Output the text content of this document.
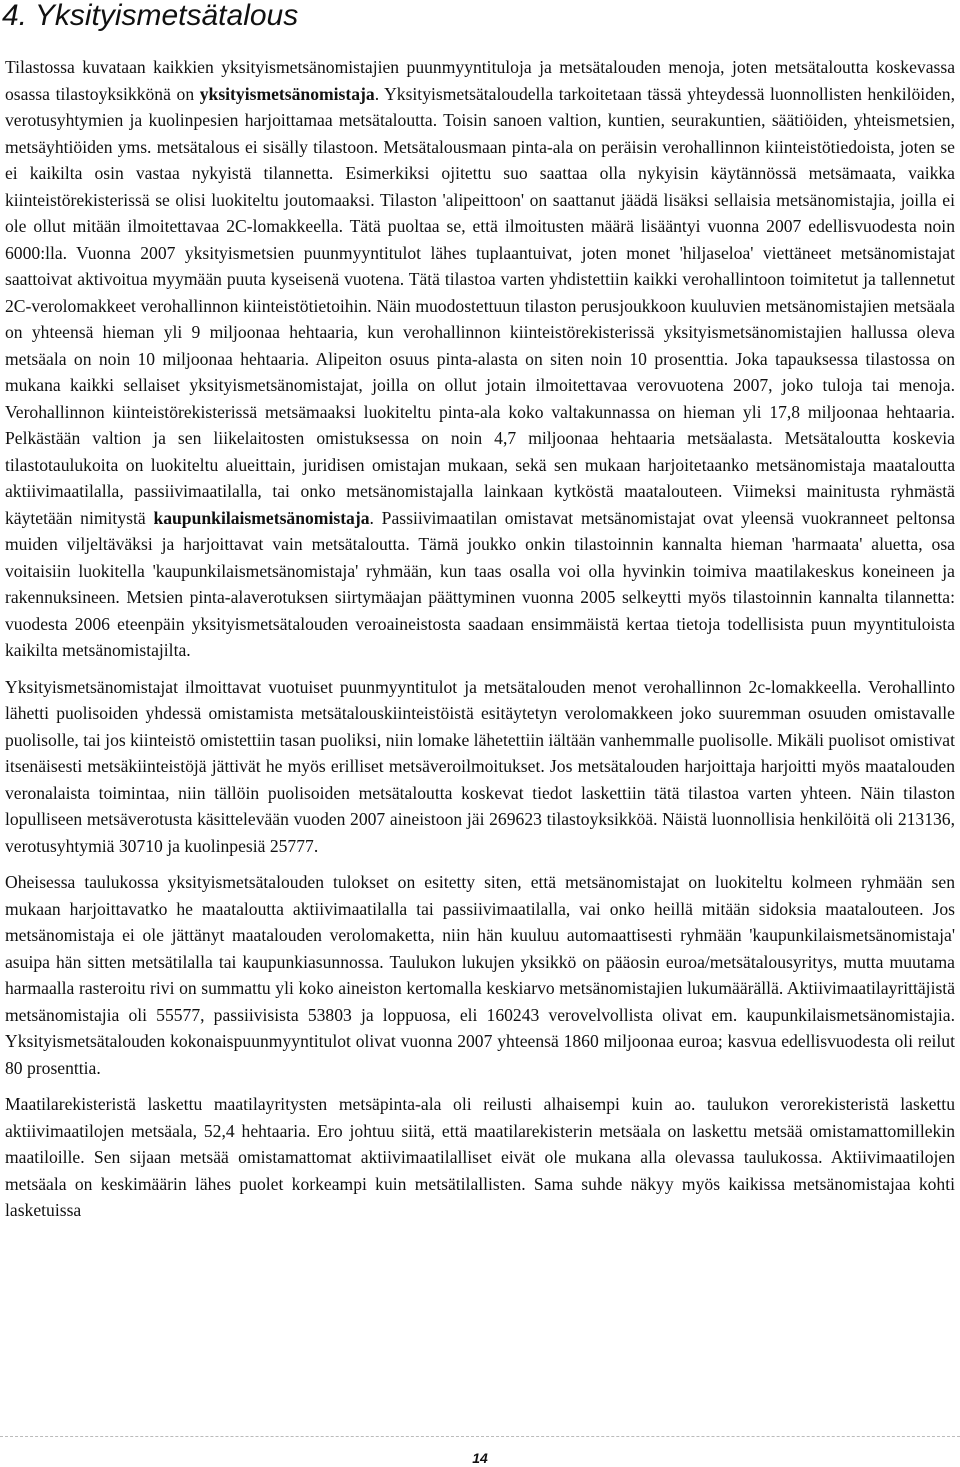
4. Yksityismetsätalous

Tilastossa kuvataan kaikkien yksityismetsänomistajien puunmyyntituloja ja metsätalouden menoja, joten metsätaloutta koskevassa osassa tilastoyksikkönä on yksityismetsänomistaja. Yksityismetsätaloudella tarkoitetaan tässä yhteydessä luonnollisten henkilöiden, verotusyhtymien ja kuolinpesien harjoittamaa metsätaloutta. Toisin sanoen valtion, kuntien, seurakuntien, säätiöiden, yhteismetsien, metsäyhtiöiden yms. metsätalous ei sisälly tilastoon. Metsätalousmaan pinta-ala on peräisin verohallinnon kiinteistötiedoista, joten se ei kaikilta osin vastaa nykyistä tilannetta. Esimerkiksi ojitettu suo saattaa olla nykyisin käytännössä metsämaata, vaikka kiinteistörekisterissä se olisi luokiteltu joutomaaksi. Tilaston 'alipeittoon' on saattanut jäädä lisäksi sellaisia metsänomistajia, joilla ei ole ollut mitään ilmoitettavaa 2C-lomakkeella. Tätä puoltaa se, että ilmoitusten määrä lisääntyi vuonna 2007 edellisvuodesta noin 6000:lla. Vuonna 2007 yksityismetsien puunmyyntitulot lähes tuplaantuivat, joten monet 'hiljaseloa' viettäneet metsänomistajat saattoivat aktivoitua myymään puuta kyseisenä vuotena. Tätä tilastoa varten yhdistettiin kaikki verohallintoon toimitetut ja tallennetut 2C-verolomakkeet verohallinnon kiinteistötietoihin. Näin muodostettuun tilaston perusjoukkoon kuuluvien metsänomistajien metsäala on yhteensä hieman yli 9 miljoonaa hehtaaria, kun verohallinnon kiinteistörekisterissä yksityismetsänomistajien hallussa oleva metsäala on noin 10 miljoonaa hehtaaria. Alipeiton osuus pinta-alasta on siten noin 10 prosenttia. Joka tapauksessa tilastossa on mukana kaikki sellaiset yksityismetsänomistajat, joilla on ollut jotain ilmoitettavaa verovuotena 2007, joko tuloja tai menoja. Verohallinnon kiinteistörekisterissä metsämaaksi luokiteltu pinta-ala koko valtakunnassa on hieman yli 17,8 miljoonaa hehtaaria. Pelkästään valtion ja sen liikelaitosten omistuksessa on noin 4,7 miljoonaa hehtaaria metsäalasta. Metsätaloutta koskevia tilastotaulukoita on luokiteltu alueittain, juridisen omistajan mukaan, sekä sen mukaan harjoitetaanko metsänomistaja maataloutta aktiivimaatilalla, passiivimaatilalla, tai onko metsänomistajalla lainkaan kytköstä maatalouteen. Viimeksi mainitusta ryhmästä käytetään nimitystä kaupunkilaismetsänomistaja. Passiivimaatilan omistavat metsänomistajat ovat yleensä vuokranneet peltonsa muiden viljeltäväksi ja harjoittavat vain metsätaloutta. Tämä joukko onkin tilastoinnin kannalta hieman 'harmaata' aluetta, osa voitaisiin luokitella 'kaupunkilaismetsänomistaja' ryhmään, kun taas osalla voi olla hyvinkin toimiva maatilakeskus koneineen ja rakennuksineen. Metsien pinta-alaverotuksen siirtymäajan päättyminen vuonna 2005 selkeytti myös tilastoinnin kannalta tilannetta: vuodesta 2006 eteenpäin yksityismetsätalouden veroaineistosta saadaan ensimmäistä kertaa tietoja todellisista puun myyntituloista kaikilta metsänomistajilta.

Yksityismetsänomistajat ilmoittavat vuotuiset puunmyyntitulot ja metsätalouden menot verohallinnon 2c-lomakkeella. Verohallinto lähetti puolisoiden yhdessä omistamista metsätalouskiinteistöistä esitäytetyn verolomakkeen joko suuremman osuuden omistavalle puolisolle, tai jos kiinteistö omistettiin tasan puoliksi, niin lomake lähetettiin iältään vanhemmalle puolisolle. Mikäli puolisot omistivat itsenäisesti metsäkiinteistöjä jättivät he myös erilliset metsäveroilmoitukset. Jos metsätalouden harjoittaja harjoitti myös maatalouden veronalaista toimintaa, niin tällöin puolisoiden metsätaloutta koskevat tiedot laskettiin tätä tilastoa varten yhteen. Näin tilaston lopulliseen metsäverotusta käsittelevään vuoden 2007 aineistoon jäi 269623 tilastoyksikköä. Näistä luonnollisia henkilöitä oli 213136, verotusyhtymiä 30710 ja kuolinpesiä 25777.

Oheisessa taulukossa yksityismetsätalouden tulokset on esitetty siten, että metsänomistajat on luokiteltu kolmeen ryhmään sen mukaan harjoittavatko he maataloutta aktiivimaatilalla tai passiivimaatilalla, vai onko heillä mitään sidoksia maatalouteen. Jos metsänomistaja ei ole jättänyt maatalouden verolomaketta, niin hän kuuluu automaattisesti ryhmään 'kaupunkilaismetsänomistaja' asuipa hän sitten metsätilalla tai kaupunkiasunnossa. Taulukon lukujen yksikkö on pääosin euroa/metsätalousyritys, mutta muutama harmaalla rasteroitu rivi on summattu yli koko aineiston kertomalla keskiarvo metsänomistajien lukumäärällä. Aktiivimaatilayrittäjistä metsänomistajia oli 55577, passiivisista 53803 ja loppuosa, eli 160243 verovelvollista olivat em. kaupunkilaismetsänomistajia. Yksityismetsätalouden kokonaispuunmyyntitulot olivat vuonna 2007 yhteensä 1860 miljoonaa euroa; kasvua edellisvuodesta oli reilut 80 prosenttia.

Maatilarekisteristä laskettu maatilayritysten metsäpinta-ala oli reilusti alhaisempi kuin ao. taulukon verorekisteristä laskettu aktiivimaatilojen metsäala, 52,4 hehtaaria. Ero johtuu siitä, että maatilarekisterin metsäala on laskettu metsää omistamattomillekin maatiloille. Sen sijaan metsää omistamattomat aktiivimaatilalliset eivät ole mukana alla olevassa taulukossa. Aktiivimaatilojen metsäala on keskimäärin lähes puolet korkeampi kuin metsätilallisten. Sama suhde näkyy myös kaikissa metsänomistajaa kohti lasketuissa

14
